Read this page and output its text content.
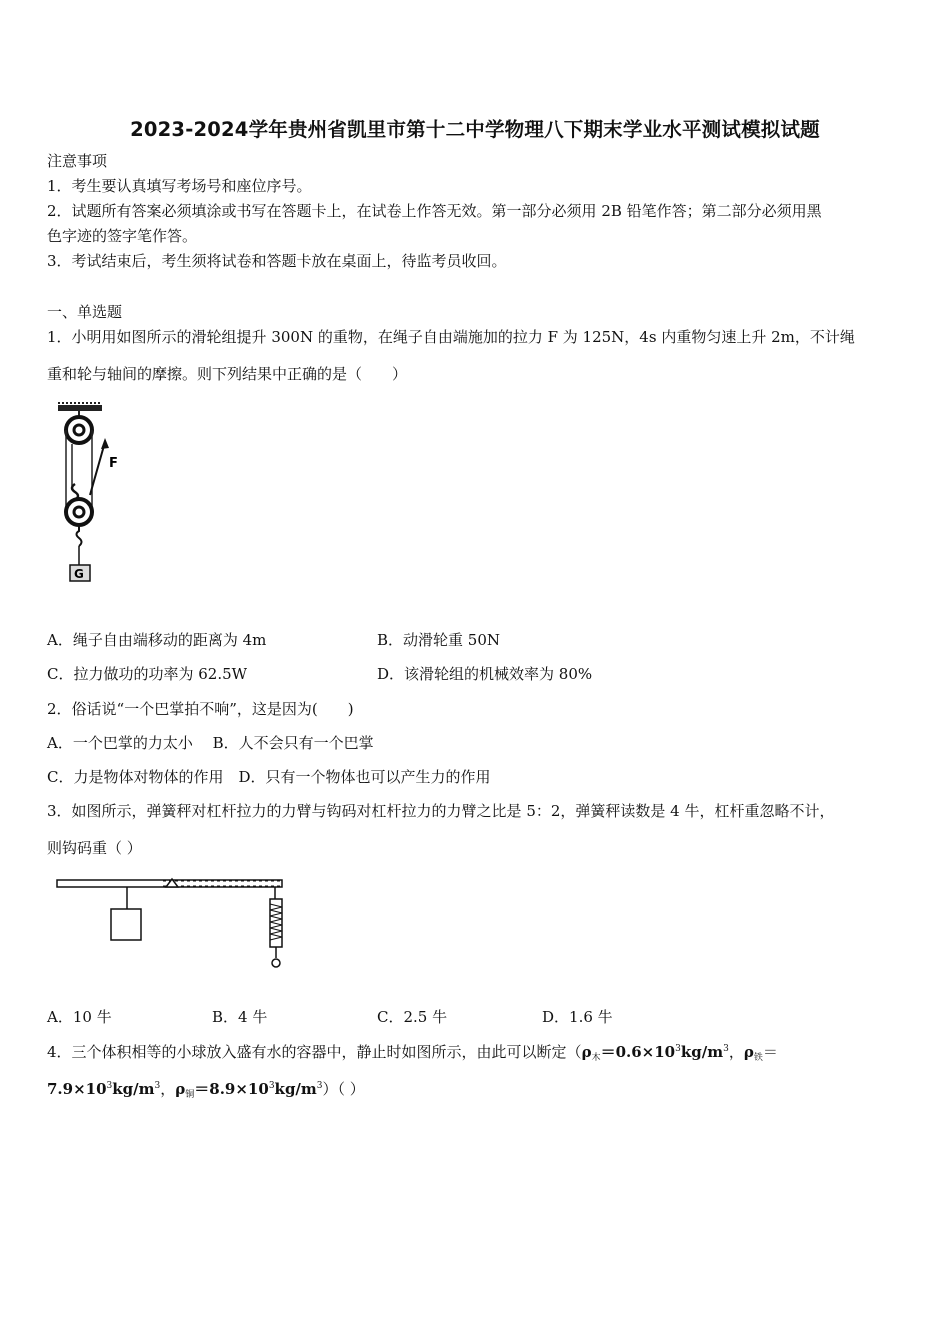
2023-2024学年贵州省凯里市第十二中学物理八下期末学业水平测试模拟试题
注意事项
1．考生要认真填写考场号和座位序号。
2．试题所有答案必须填涂或书写在答题卡上，在试卷上作答无效。第一部分必须用 2B 铅笔作答；第二部分必须用黑
色字迹的签字笔作答。
3．考试结束后，考生须将试卷和答题卡放在桌面上，待监考员收回。
一、单选题
1．小明用如图所示的滑轮组提升 300N 的重物，在绳子自由端施加的拉力 F 为 125N，4s 内重物匀速上升 2m，不计绳
重和轮与轴间的摩擦。则下列结果中正确的是（　　）
F
G
A．绳子自由端移动的距离为 4m	B．动滑轮重 50N
C．拉力做功的功率为 62.5W	D．该滑轮组的机械效率为 80%
2．俗话说“一个巴掌拍不响”，这是因为(　　)
A．一个巴掌的力太小　 B．人不会只有一个巴掌
C．力是物体对物体的作用　D．只有一个物体也可以产生力的作用
3．如图所示，弹簧秤对杠杆拉力的力臂与钩码对杠杆拉力的力臂之比是 5：2，弹簧秤读数是 4 牛，杠杆重忽略不计，
则钩码重（ ）
A．10 牛	B．4 牛	C．2.5 牛	D．1.6 牛
4．三个体积相等的小球放入盛有水的容器中，静止时如图所示，由此可以断定（$\rho_木=0.6\times 10^3kg/m^3$，$\rho_铁=$
$7.9\times 10^3kg/m^3$，$\rho_铜=8.9\times 10^3kg/m^3$）（ ）
